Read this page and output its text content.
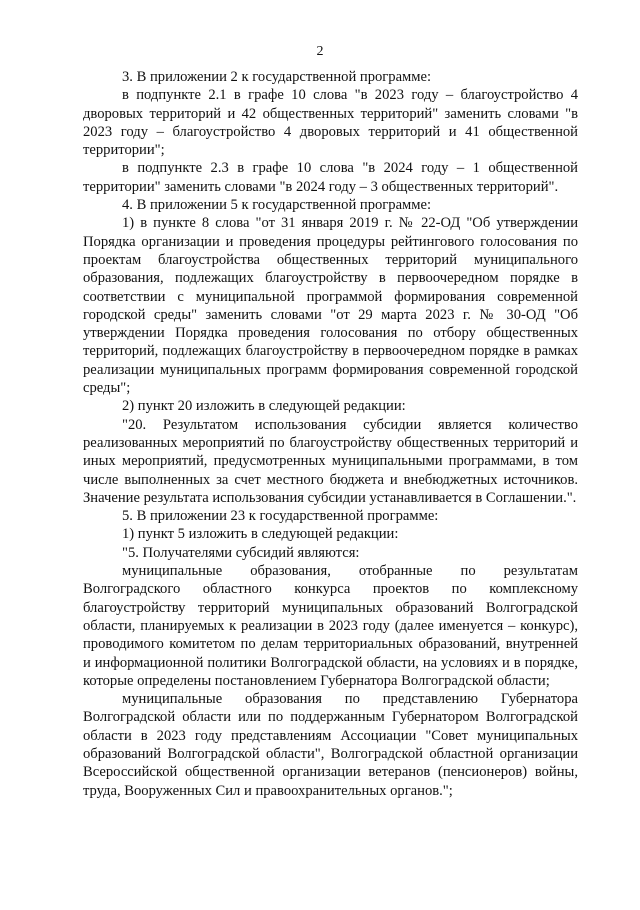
2

3. В приложении 2 к государственной программе:

в подпункте 2.1 в графе 10 слова "в 2023 году – благоустройство 4 дворовых территорий и 42 общественных территорий" заменить словами "в 2023 году – благоустройство 4 дворовых территорий и 41 общественной территории";

в подпункте 2.3 в графе 10 слова "в 2024 году – 1 общественной территории" заменить словами "в 2024 году – 3 общественных территорий".

4. В приложении 5 к государственной программе:

1) в пункте 8 слова "от 31 января 2019 г. № 22-ОД "Об утверждении Порядка организации и проведения процедуры рейтингового голосования по проектам благоустройства общественных территорий муниципального образования, подлежащих благоустройству в первоочередном порядке в соответствии с муниципальной программой формирования современной городской среды" заменить словами "от 29 марта 2023 г. № 30-ОД "Об утверждении Порядка проведения голосования по отбору общественных территорий, подлежащих благоустройству в первоочередном порядке в рамках реализации муниципальных программ формирования современной городской среды";

2) пункт 20 изложить в следующей редакции:

"20. Результатом использования субсидии является количество реализованных мероприятий по благоустройству общественных территорий и иных мероприятий, предусмотренных муниципальными программами, в том числе выполненных за счет местного бюджета и внебюджетных источников. Значение результата использования субсидии устанавливается в Соглашении.".

5. В приложении 23 к государственной программе:

1) пункт 5 изложить в следующей редакции:

"5. Получателями субсидий являются:

муниципальные образования, отобранные по результатам Волгоградского областного конкурса проектов по комплексному благоустройству территорий муниципальных образований Волгоградской области, планируемых к реализации в 2023 году (далее именуется – конкурс), проводимого комитетом по делам территориальных образований, внутренней и информационной политики Волгоградской области, на условиях и в порядке, которые определены постановлением Губернатора Волгоградской области;

муниципальные образования по представлению Губернатора Волгоградской области или по поддержанным Губернатором Волгоградской области в 2023 году представлениям Ассоциации "Совет муниципальных образований Волгоградской области", Волгоградской областной организации Всероссийской общественной организации ветеранов (пенсионеров) войны, труда, Вооруженных Сил и правоохранительных органов.";
